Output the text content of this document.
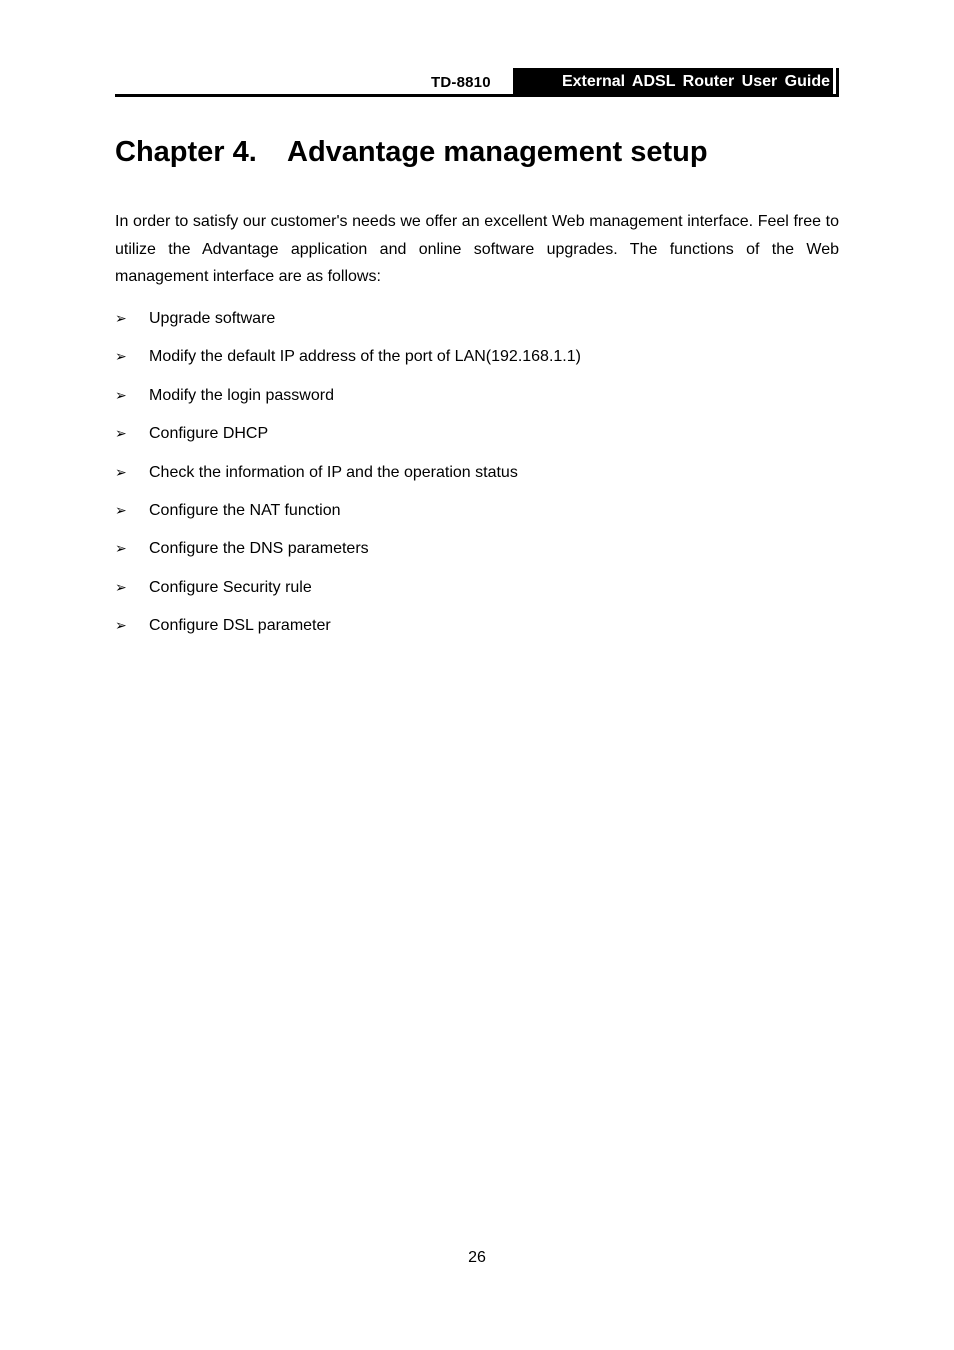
TD-8810	External ADSL Router User Guide
Chapter 4. Advantage management setup

In order to satisfy our customer's needs we offer an excellent Web management interface. Feel free to utilize the Advantage application and online software upgrades. The functions of the Web management interface are as follows:

➢ Upgrade software
➢ Modify the default IP address of the port of LAN(192.168.1.1)
➢ Modify the login password
➢ Configure DHCP
➢ Check the information of IP and the operation status
➢ Configure the NAT function
➢ Configure the DNS parameters
➢ Configure Security rule
➢ Configure DSL parameter
26
